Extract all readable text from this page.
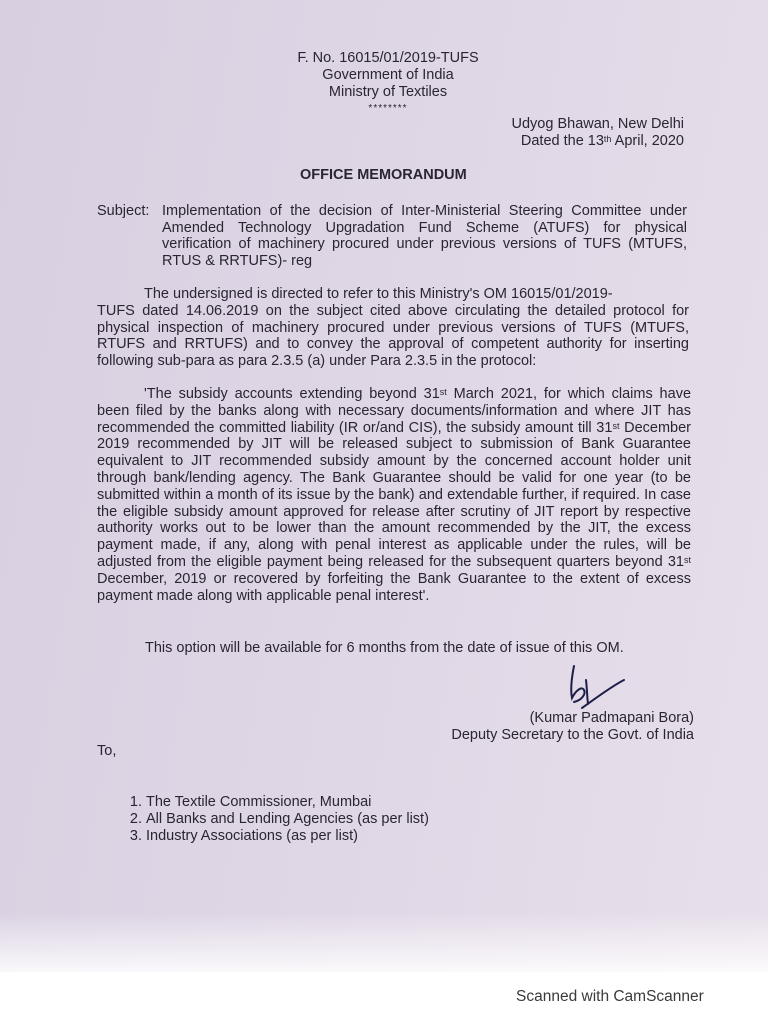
F. No. 16015/01/2019-TUFS
Government of India
Ministry of Textiles
********
Udyog Bhawan, New Delhi
Dated the 13th April, 2020
OFFICE MEMORANDUM
Subject: Implementation of the decision of Inter-Ministerial Steering Committee under Amended Technology Upgradation Fund Scheme (ATUFS) for physical verification of machinery procured under previous versions of TUFS (MTUFS, RTUS & RRTUFS)- reg
The undersigned is directed to refer to this Ministry's OM 16015/01/2019-
TUFS dated 14.06.2019 on the subject cited above circulating the detailed protocol for physical inspection of machinery procured under previous versions of TUFS (MTUFS, RTUFS and RRTUFS) and to convey the approval of competent authority for inserting following sub-para as para 2.3.5 (a) under Para 2.3.5 in the protocol:
'The subsidy accounts extending beyond 31st March 2021, for which claims have been filed by the banks along with necessary documents/information and where JIT has recommended the committed liability (IR or/and CIS), the subsidy amount till 31st December 2019 recommended by JIT will be released subject to submission of Bank Guarantee equivalent to JIT recommended subsidy amount by the concerned account holder unit through bank/lending agency. The Bank Guarantee should be valid for one year (to be submitted within a month of its issue by the bank) and extendable further, if required. In case the eligible subsidy amount approved for release after scrutiny of JIT report by respective authority works out to be lower than the amount recommended by the JIT, the excess payment made, if any, along with penal interest as applicable under the rules, will be adjusted from the eligible payment being released for the subsequent quarters beyond 31st December, 2019 or recovered by forfeiting the Bank Guarantee to the extent of excess payment made along with applicable penal interest'.
This option will be available for 6 months from the date of issue of this OM.
(Kumar Padmapani Bora)
Deputy Secretary to the Govt. of India
To,
1. The Textile Commissioner, Mumbai
2. All Banks and Lending Agencies (as per list)
3. Industry Associations (as per list)
Scanned with CamScanner
